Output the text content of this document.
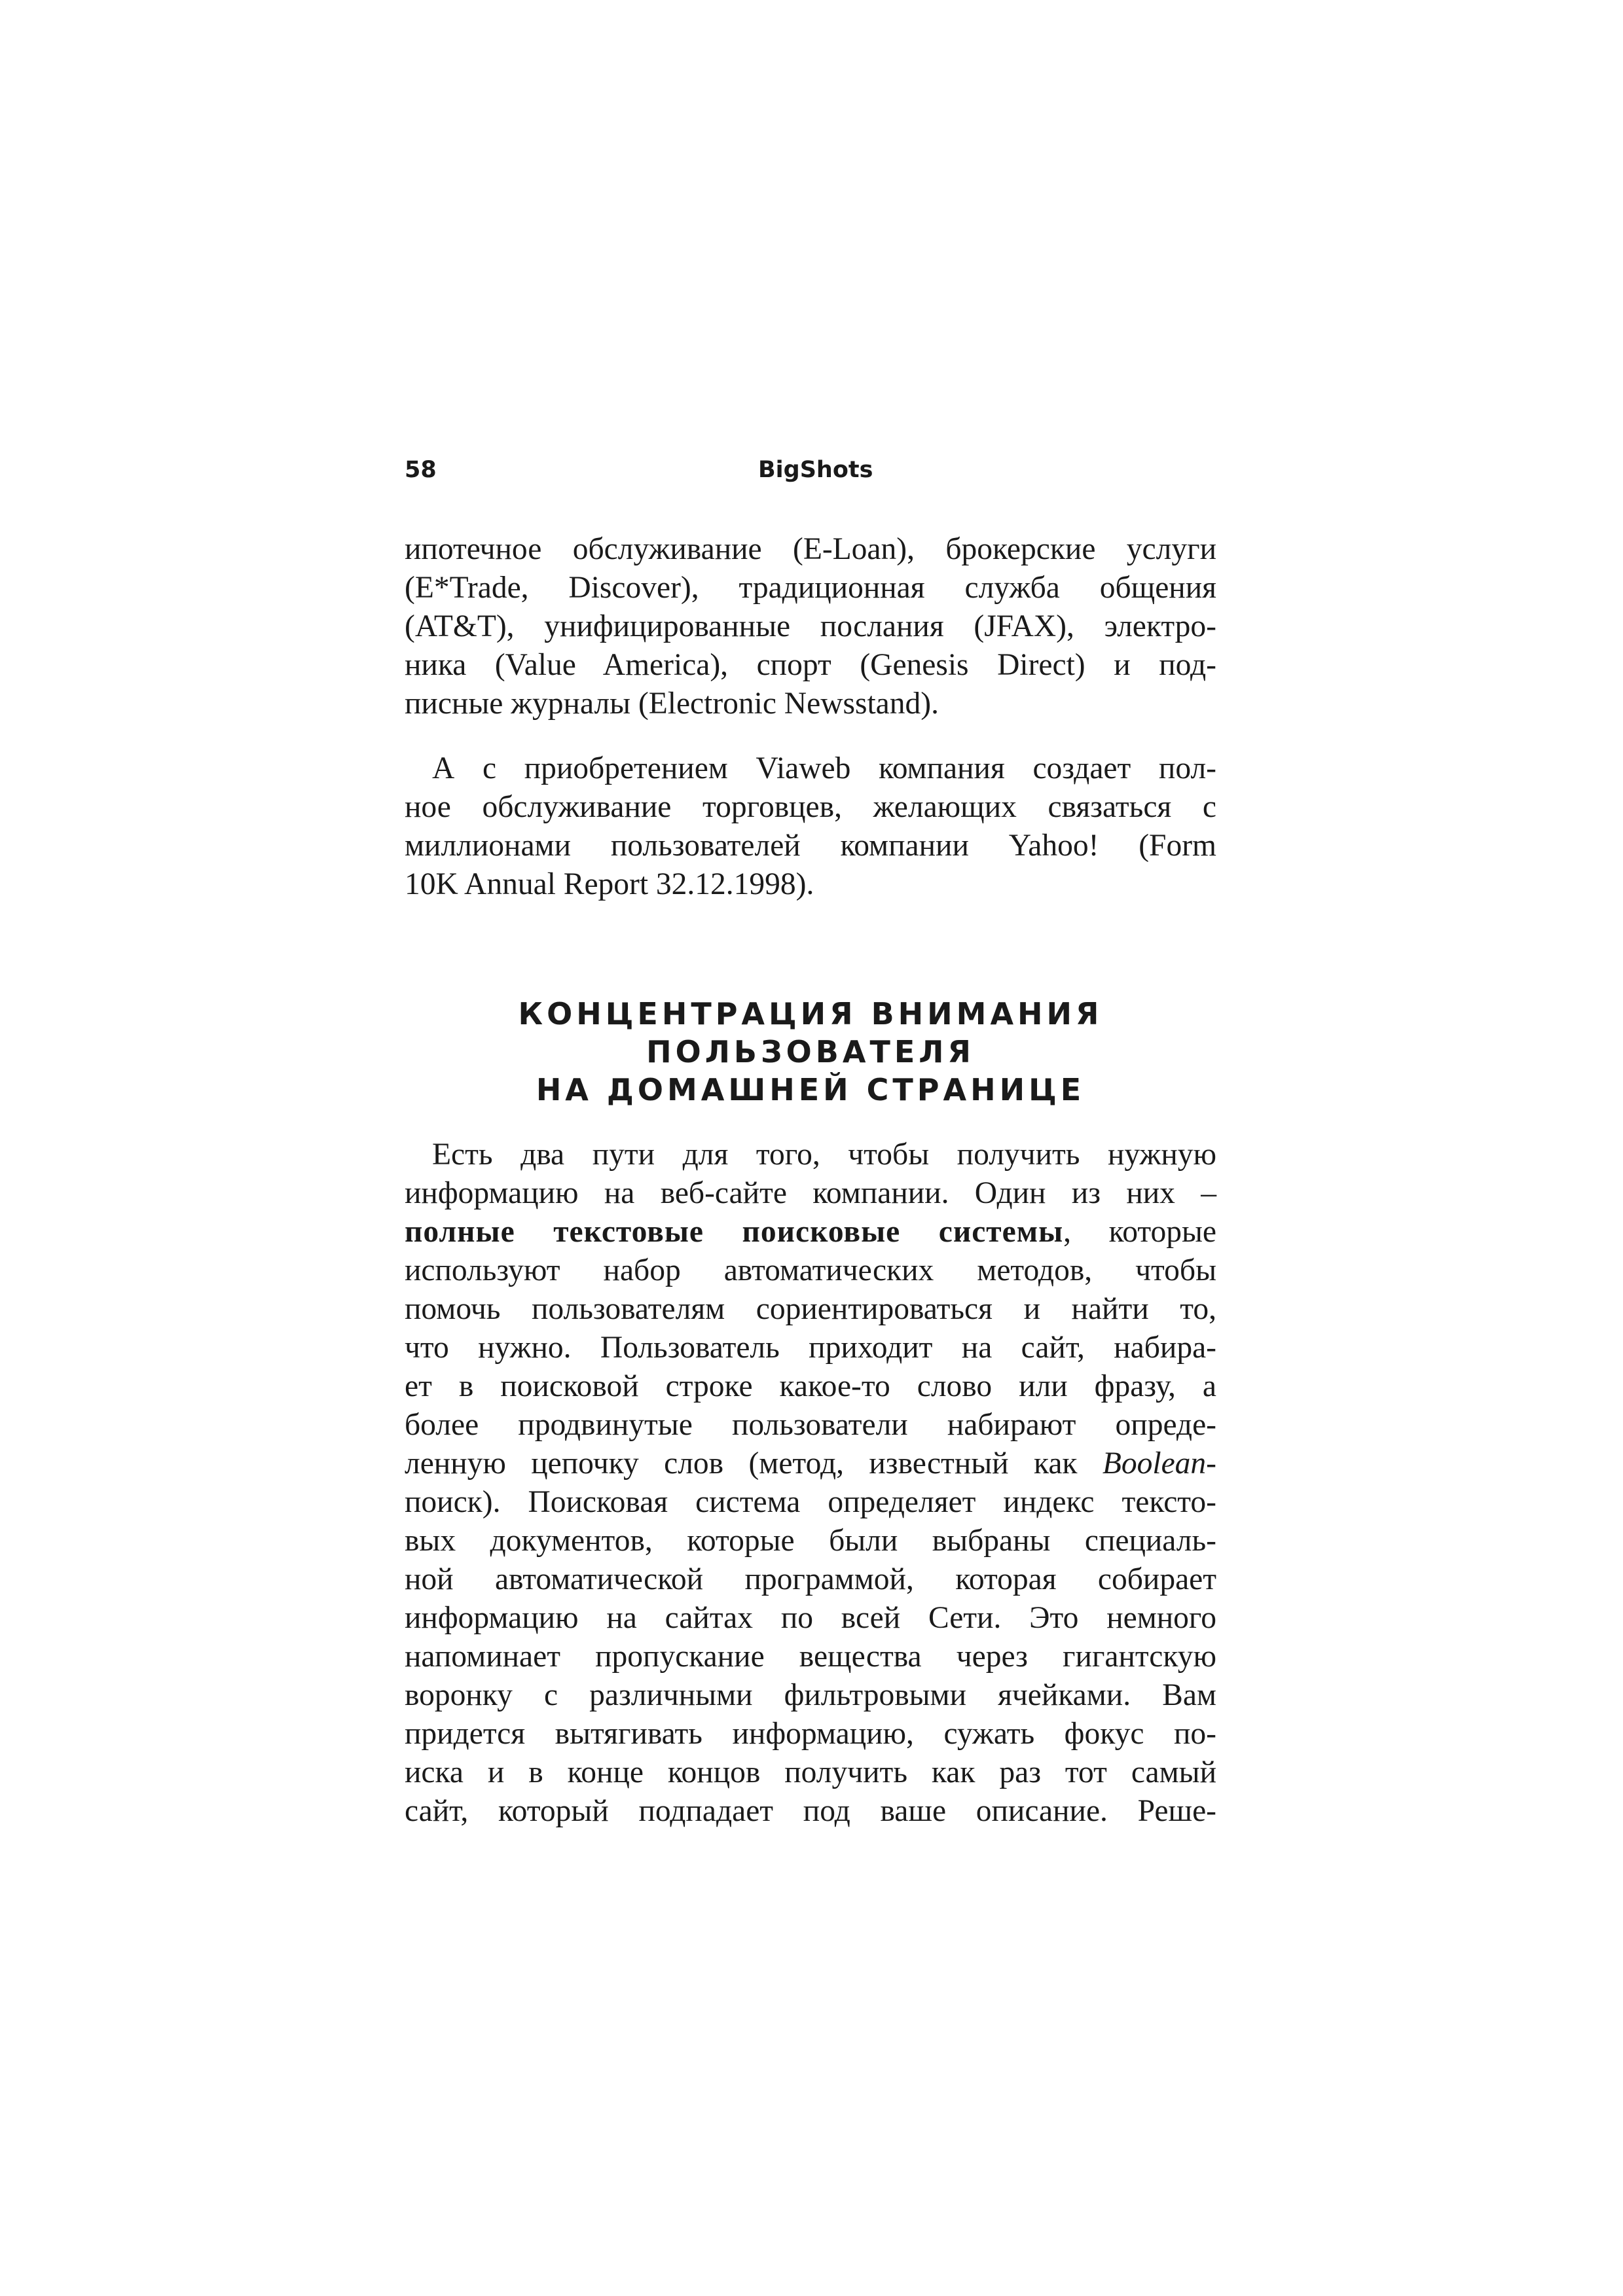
58	BigShots
ипотечное обслуживание (E-Loan), брокерские услуги
(E*Trade, Discover), традиционная служба общения
(AT&T), унифицированные послания (JFAX), электро-
ника (Value America), спорт (Genesis Direct) и под-
писные журналы (Electronic Newsstand).
А с приобретением Viaweb компания создает пол-
ное обслуживание торговцев, желающих связаться с
миллионами пользователей компании Yahoo! (Form
10K Annual Report 32.12.1998).
КОНЦЕНТРАЦИЯ ВНИМАНИЯ
ПОЛЬЗОВАТЕЛЯ
НА ДОМАШНЕЙ СТРАНИЦЕ
Есть два пути для того, чтобы получить нужную
информацию на веб-сайте компании. Один из них –
полные текстовые поисковые системы, которые
используют набор автоматических методов, чтобы
помочь пользователям сориентироваться и найти то,
что нужно. Пользователь приходит на сайт, набира-
ет в поисковой строке какое-то слово или фразу, а
более продвинутые пользователи набирают опреде-
ленную цепочку слов (метод, известный как Boolean-
поиск). Поисковая система определяет индекс тексто-
вых документов, которые были выбраны специаль-
ной автоматической программой, которая собирает
информацию на сайтах по всей Сети. Это немного
напоминает пропускание вещества через гигантскую
воронку с различными фильтровыми ячейками. Вам
придется вытягивать информацию, сужать фокус по-
иска и в конце концов получить как раз тот самый
сайт, который подпадает под ваше описание. Реше-
